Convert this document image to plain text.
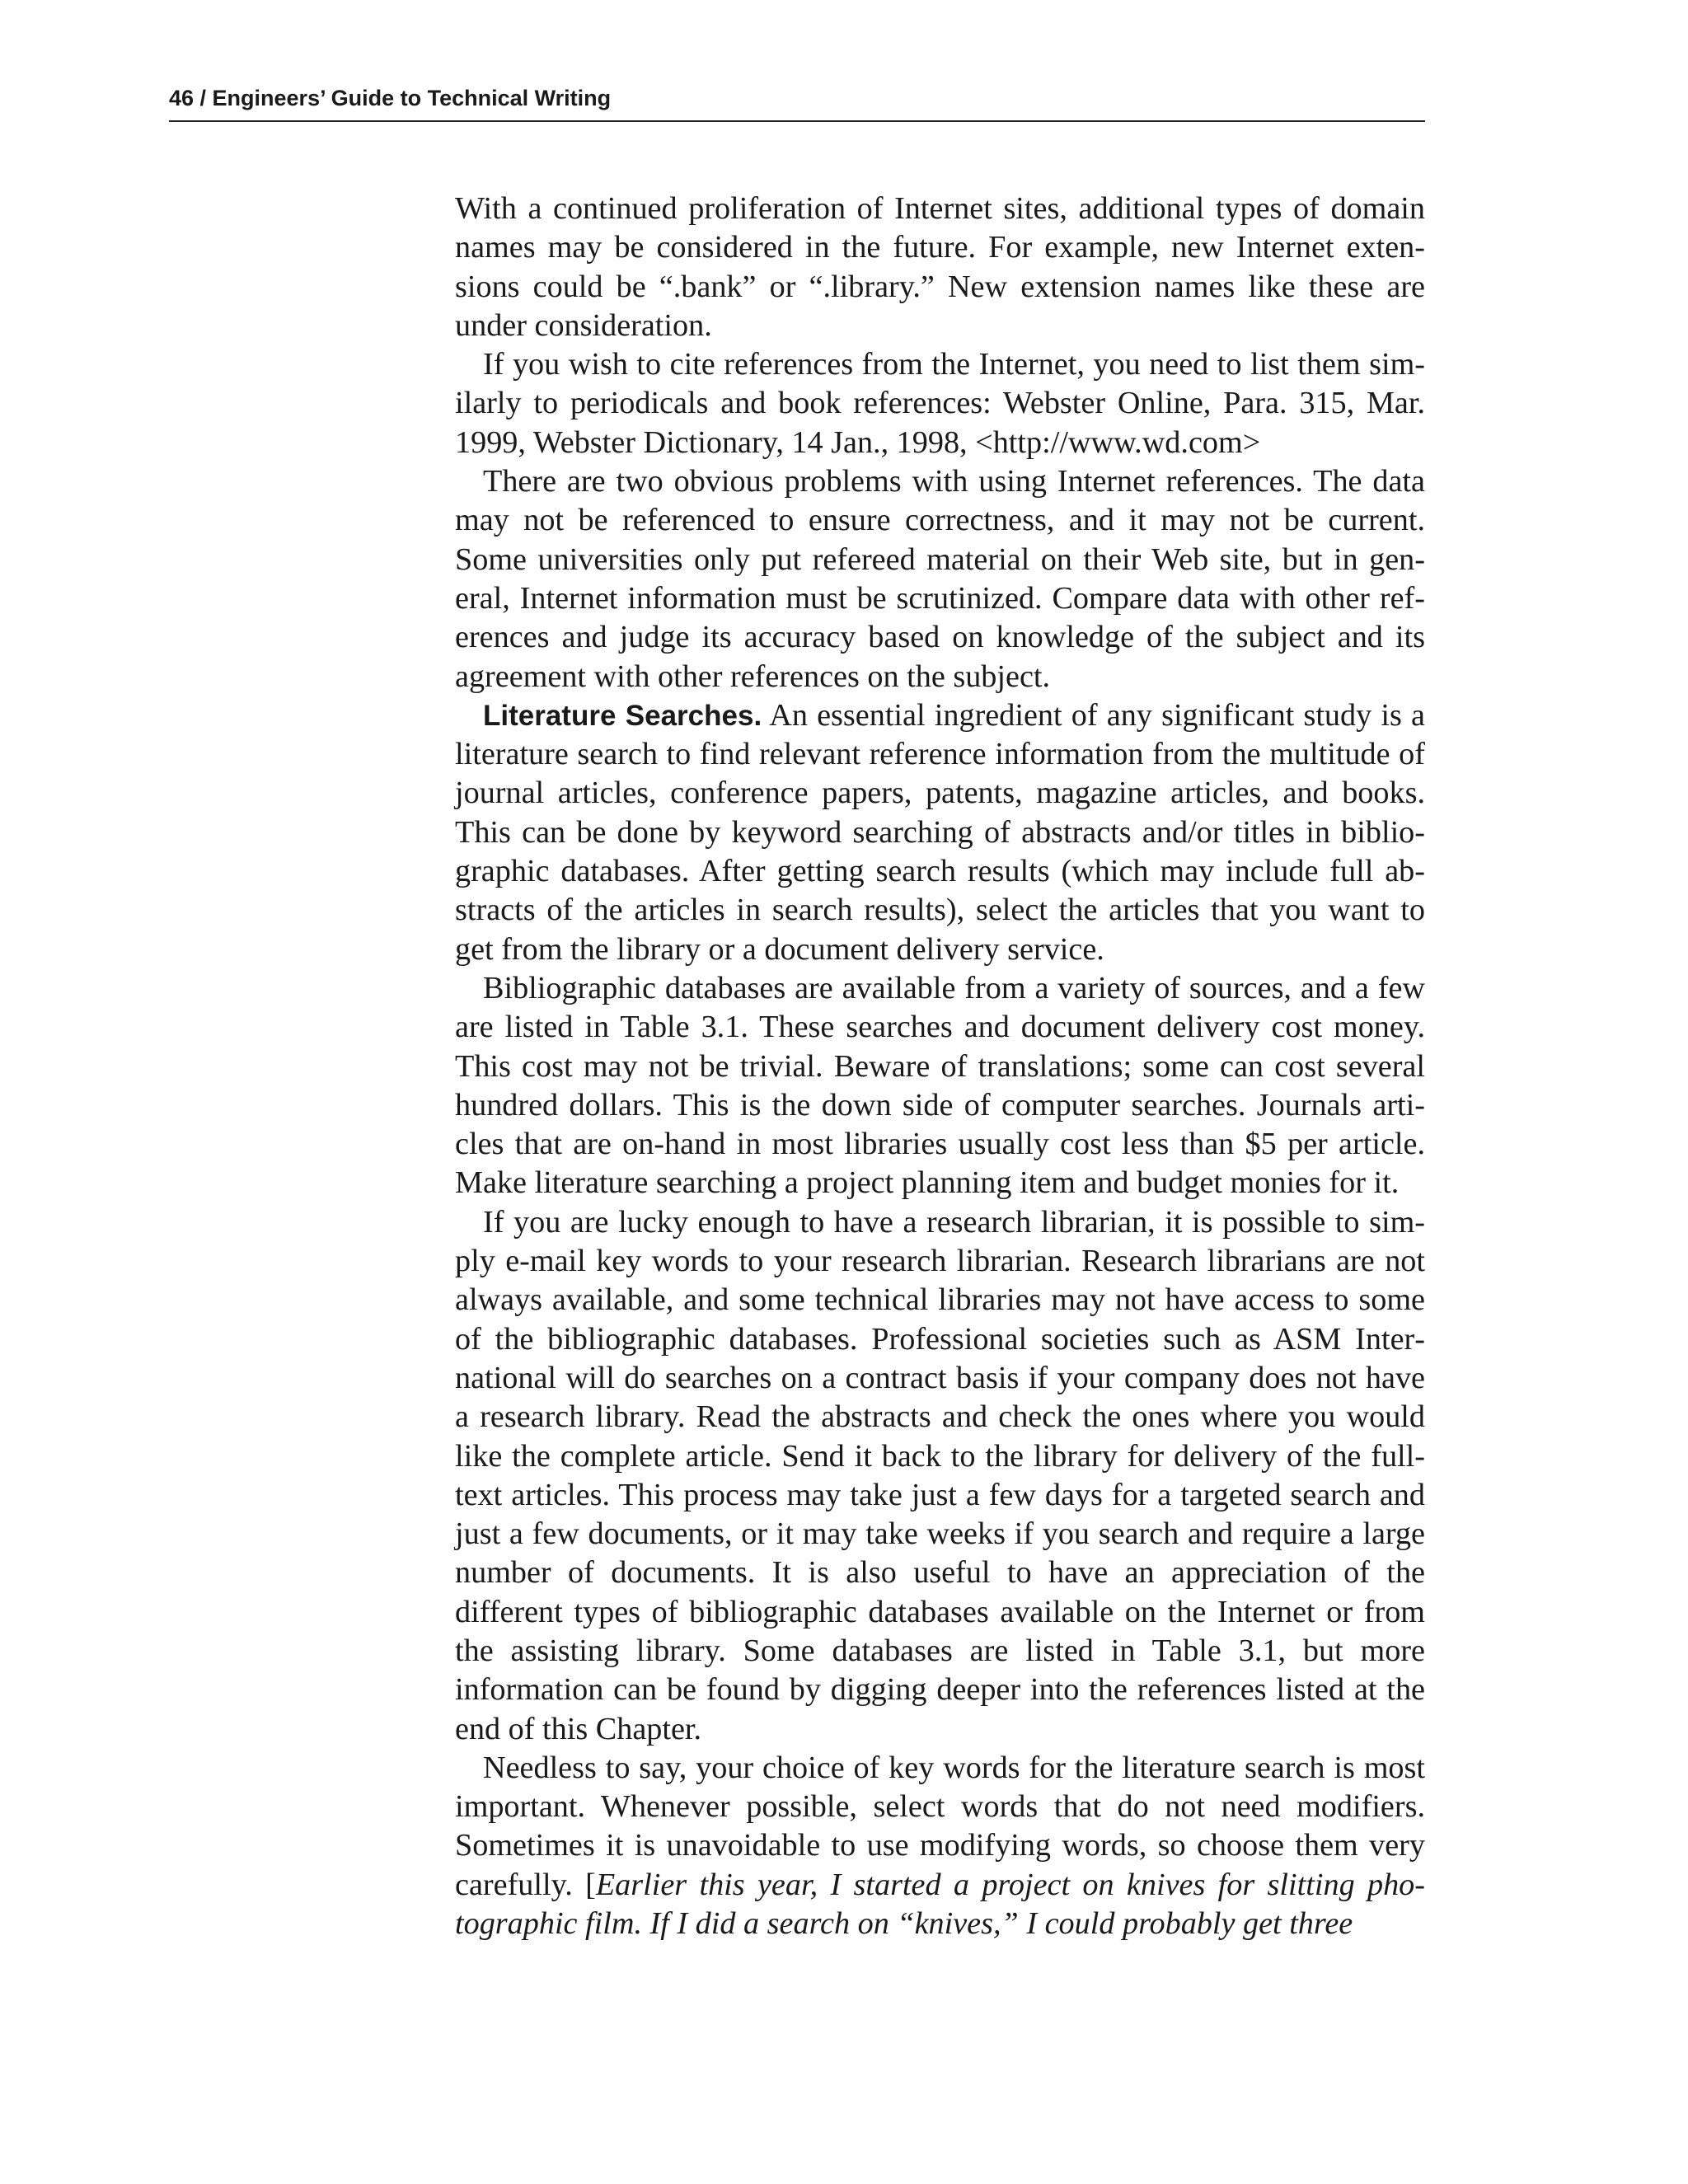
46 / Engineers’ Guide to Technical Writing

With a continued proliferation of Internet sites, additional types of domain names may be considered in the future. For example, new Internet extensions could be “.bank” or “.library.” New extension names like these are under consideration.

If you wish to cite references from the Internet, you need to list them similarly to periodicals and book references: Webster Online, Para. 315, Mar. 1999, Webster Dictionary, 14 Jan., 1998, <http://www.wd.com>

There are two obvious problems with using Internet references. The data may not be referenced to ensure correctness, and it may not be current. Some universities only put refereed material on their Web site, but in general, Internet information must be scrutinized. Compare data with other references and judge its accuracy based on knowledge of the subject and its agreement with other references on the subject.

Literature Searches. An essential ingredient of any significant study is a literature search to find relevant reference information from the multitude of journal articles, conference papers, patents, magazine articles, and books. This can be done by keyword searching of abstracts and/or titles in bibliographic databases. After getting search results (which may include full abstracts of the articles in search results), select the articles that you want to get from the library or a document delivery service.

Bibliographic databases are available from a variety of sources, and a few are listed in Table 3.1. These searches and document delivery cost money. This cost may not be trivial. Beware of translations; some can cost several hundred dollars. This is the down side of computer searches. Journals articles that are on-hand in most libraries usually cost less than $5 per article. Make literature searching a project planning item and budget monies for it.

If you are lucky enough to have a research librarian, it is possible to simply e-mail key words to your research librarian. Research librarians are not always available, and some technical libraries may not have access to some of the bibliographic databases. Professional societies such as ASM International will do searches on a contract basis if your company does not have a research library. Read the abstracts and check the ones where you would like the complete article. Send it back to the library for delivery of the full-text articles. This process may take just a few days for a targeted search and just a few documents, or it may take weeks if you search and require a large number of documents. It is also useful to have an appreciation of the different types of bibliographic databases available on the Internet or from the assisting library. Some databases are listed in Table 3.1, but more information can be found by digging deeper into the references listed at the end of this Chapter.

Needless to say, your choice of key words for the literature search is most important. Whenever possible, select words that do not need modifiers. Sometimes it is unavoidable to use modifying words, so choose them very carefully. [Earlier this year, I started a project on knives for slitting photographic film. If I did a search on “knives,” I could probably get three
